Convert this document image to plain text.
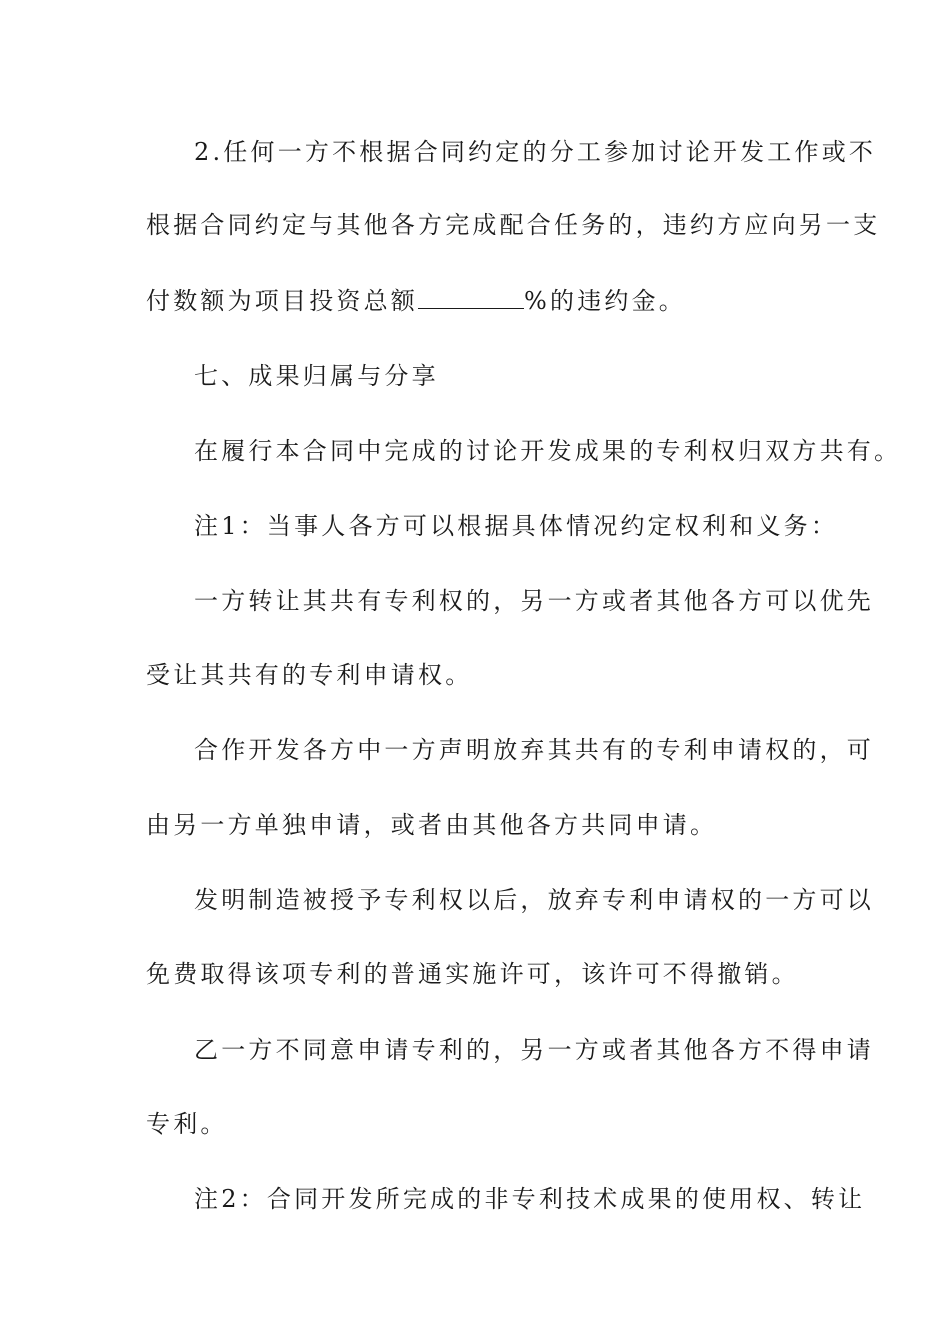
2.任何一方不根据合同约定的分工参加讨论开发工作或不
根据合同约定与其他各方完成配合任务的，违约方应向另一支
付数额为项目投资总额	%的违约金。
七、成果归属与分享
在履行本合同中完成的讨论开发成果的专利权归双方共有。
注1：当事人各方可以根据具体情况约定权利和义务：
一方转让其共有专利权的，另一方或者其他各方可以优先
受让其共有的专利申请权。
合作开发各方中一方声明放弃其共有的专利申请权的，可
由另一方单独申请，或者由其他各方共同申请。
发明制造被授予专利权以后，放弃专利申请权的一方可以
免费取得该项专利的普通实施许可，该许可不得撤销。
乙一方不同意申请专利的，另一方或者其他各方不得申请
专利。
注2：合同开发所完成的非专利技术成果的使用权、转让
